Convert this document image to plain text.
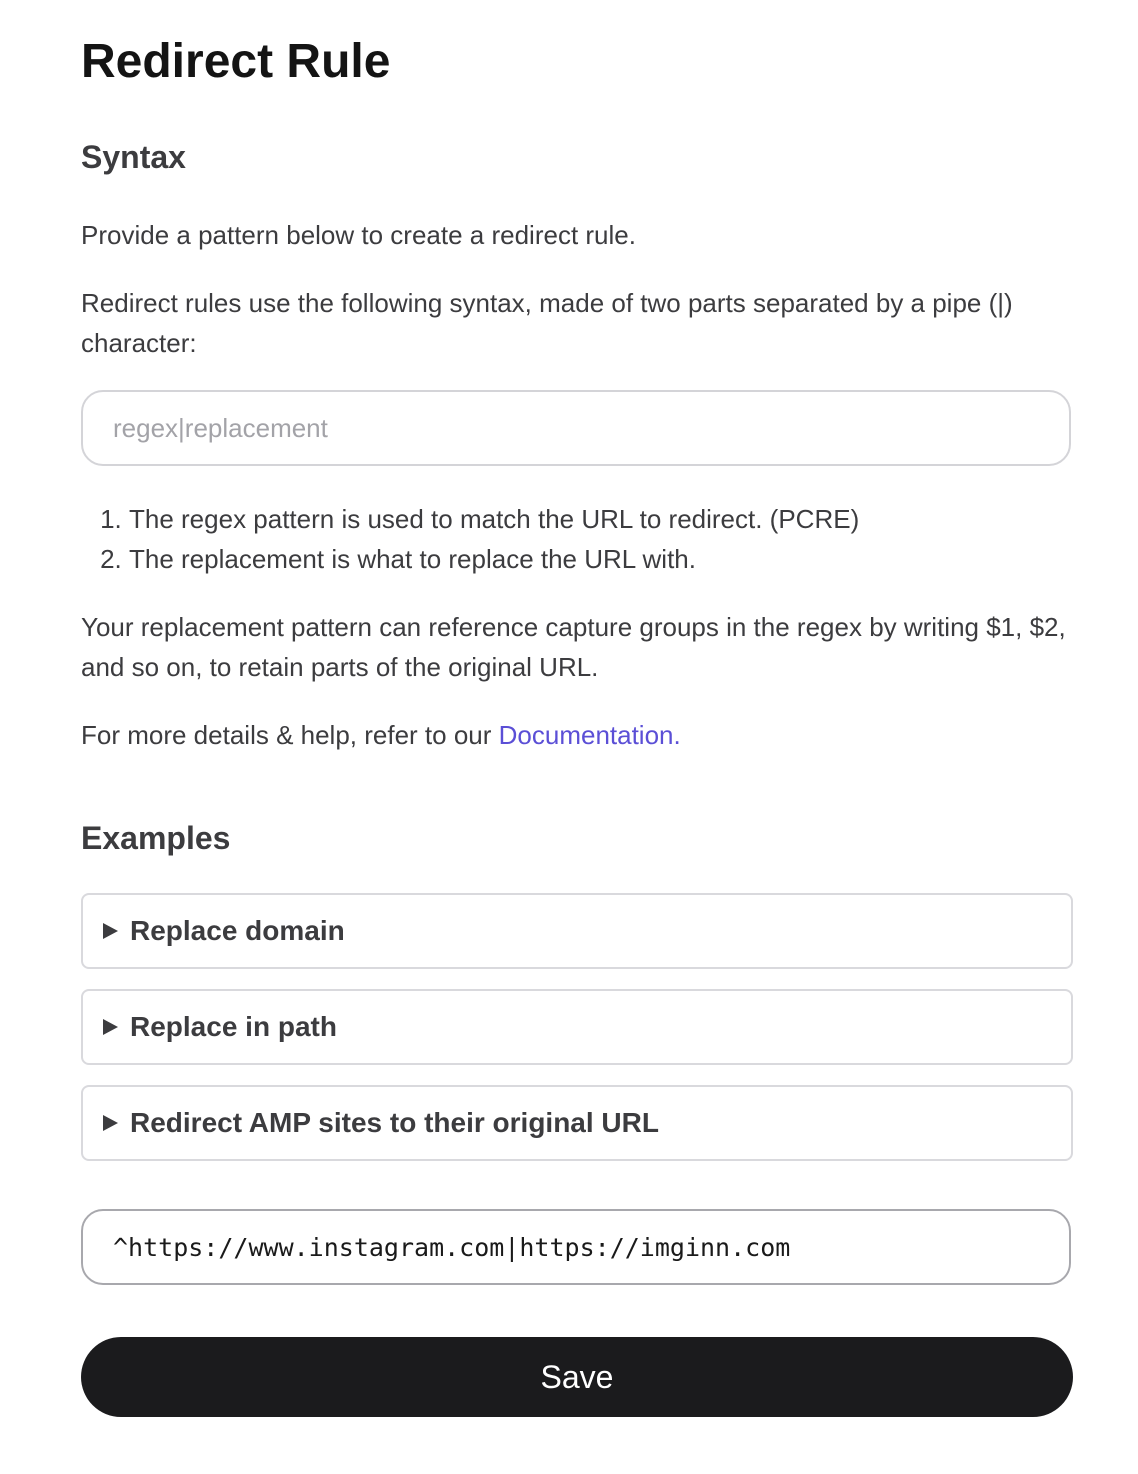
Redirect Rule
Syntax

Provide a pattern below to create a redirect rule.

Redirect rules use the following syntax, made of two parts separated by a pipe (|) character:

regex|replacement
1. The regex pattern is used to match the URL to redirect. (PCRE)
2. The replacement is what to replace the URL with.

Your replacement pattern can reference capture groups in the regex by writing $1, $2, and so on, to retain parts of the original URL.

For more details & help, refer to our Documentation.

Examples
Replace domain
Replace in path
Redirect AMP sites to their original URL
^https://www.instagram.com|https://imginn.com
Save
